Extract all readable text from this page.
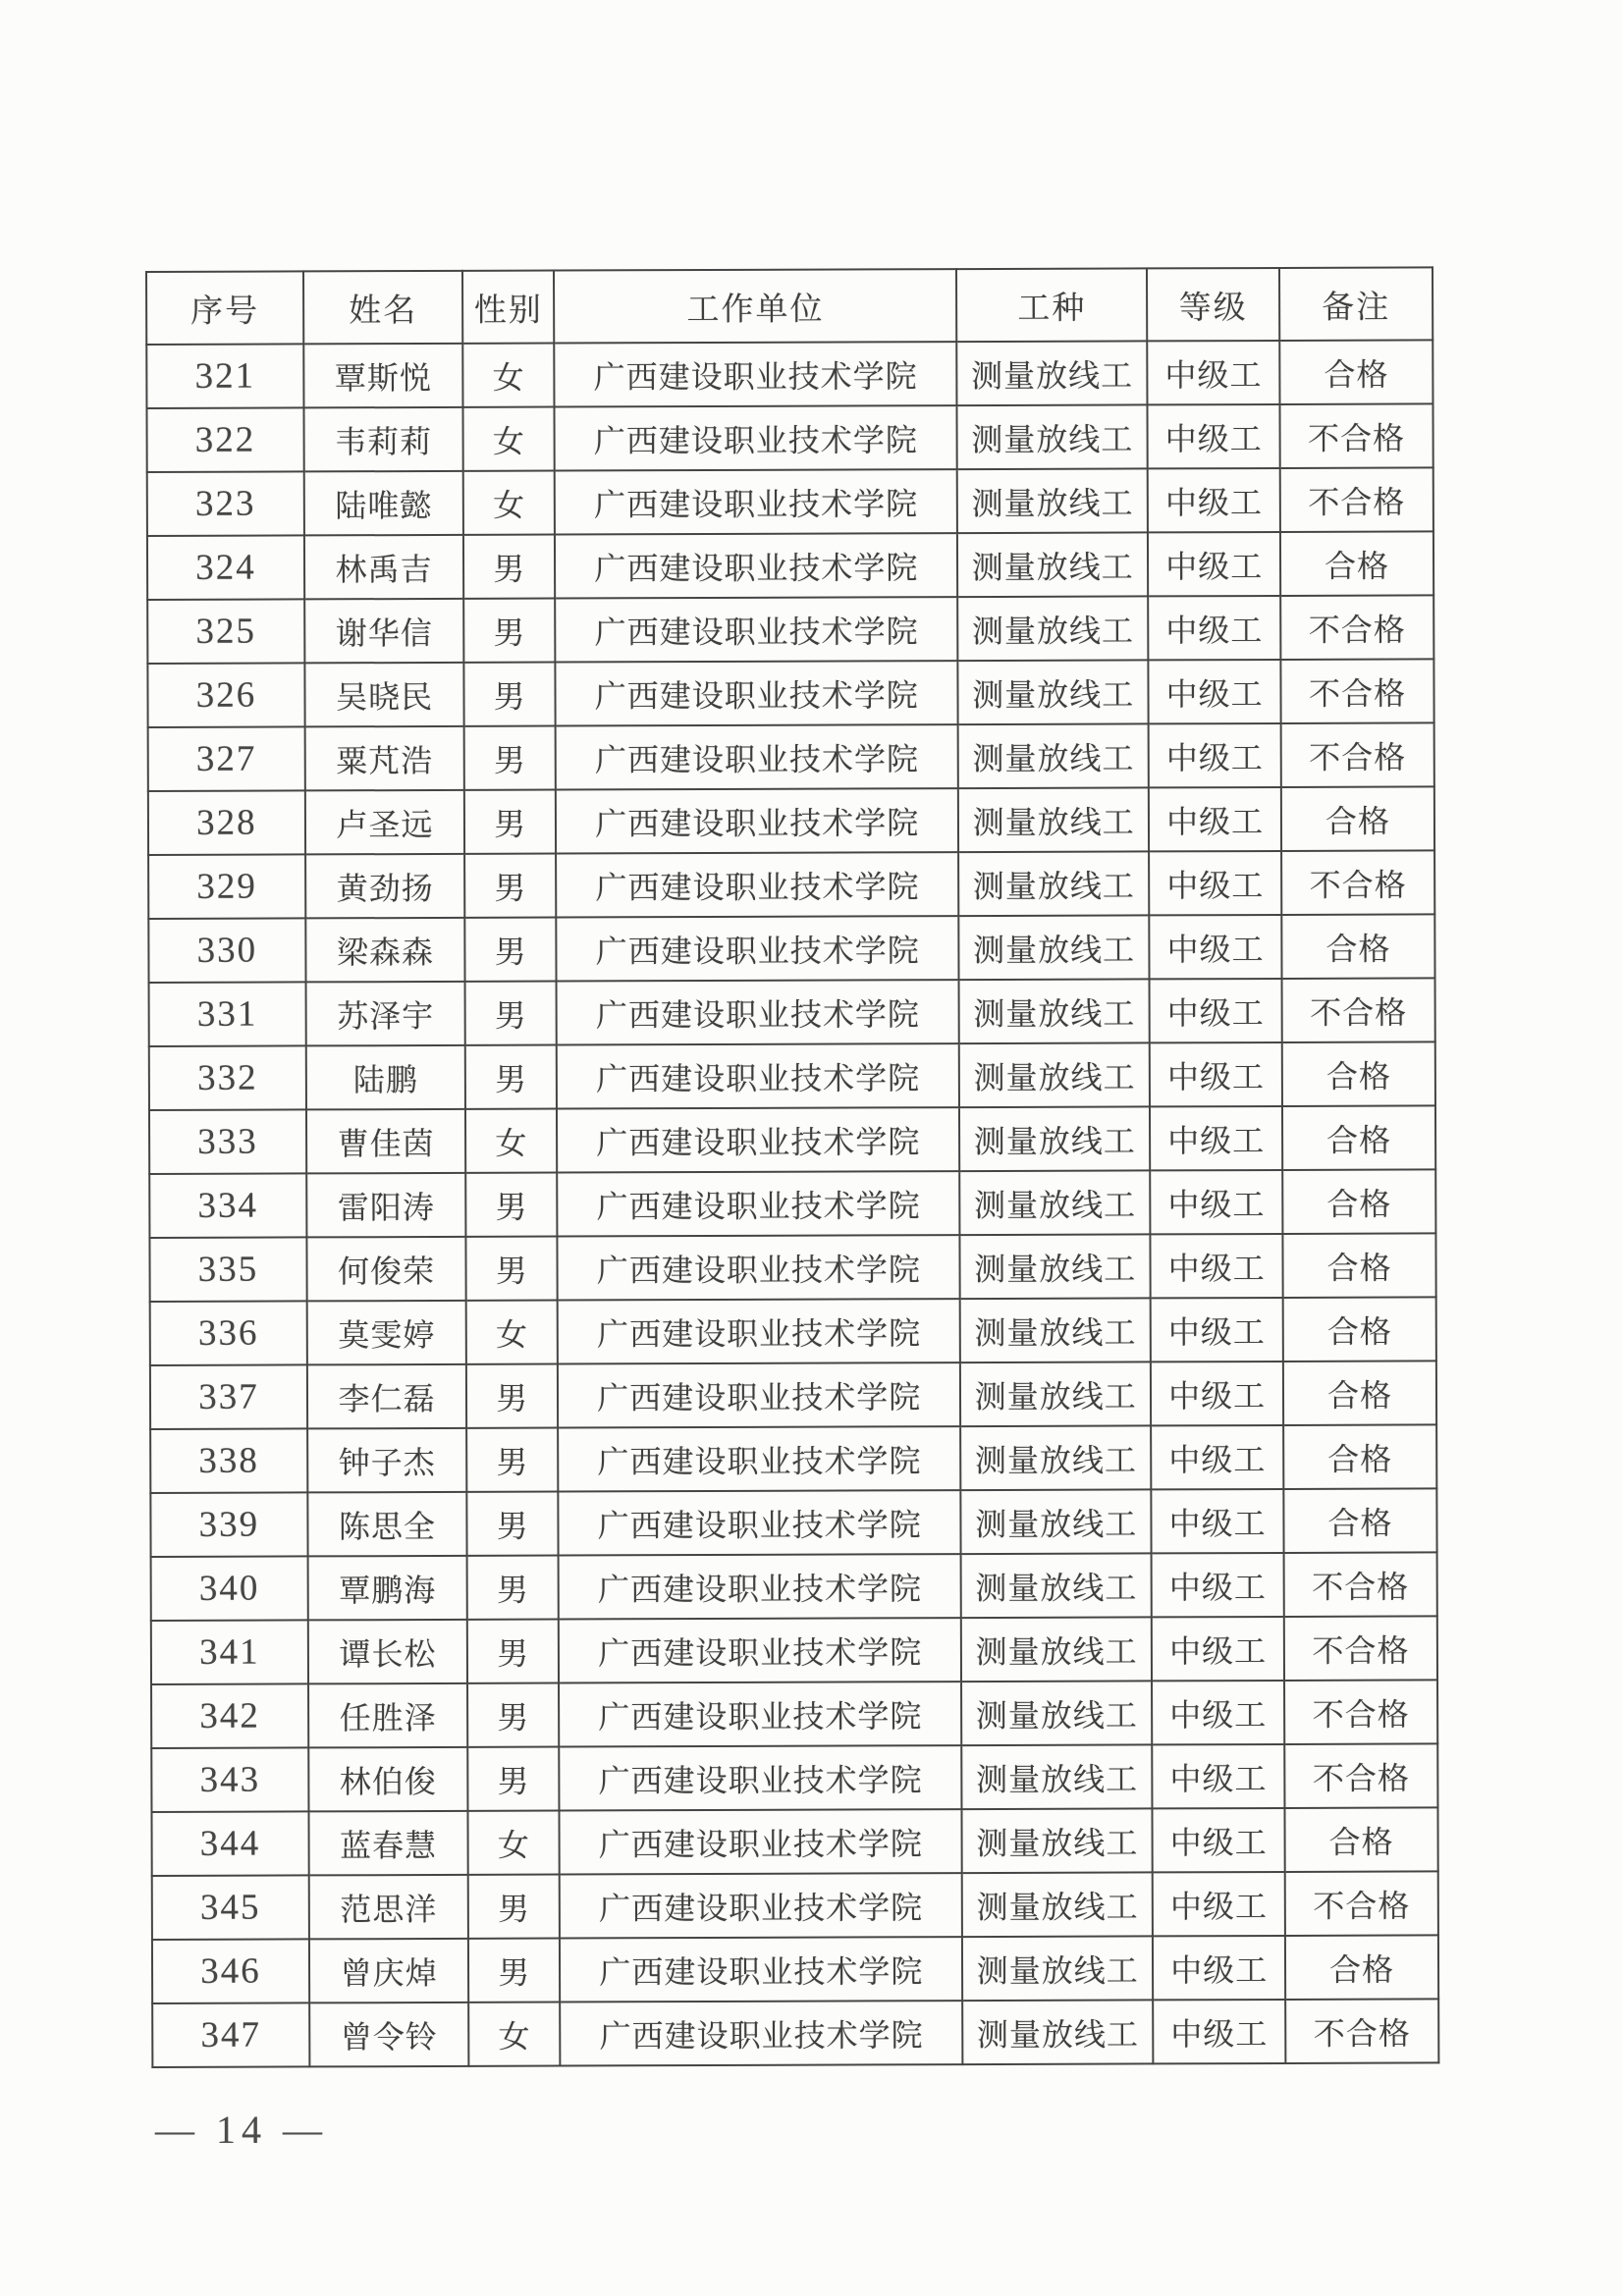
序号	姓名	性别	工作单位	工种	等级	备注
321	覃斯悦	女	广西建设职业技术学院	测量放线工	中级工	合格
322	韦莉莉	女	广西建设职业技术学院	测量放线工	中级工	不合格
323	陆唯懿	女	广西建设职业技术学院	测量放线工	中级工	不合格
324	林禹吉	男	广西建设职业技术学院	测量放线工	中级工	合格
325	谢华信	男	广西建设职业技术学院	测量放线工	中级工	不合格
326	吴晓民	男	广西建设职业技术学院	测量放线工	中级工	不合格
327	粟芃浩	男	广西建设职业技术学院	测量放线工	中级工	不合格
328	卢圣远	男	广西建设职业技术学院	测量放线工	中级工	合格
329	黄劲扬	男	广西建设职业技术学院	测量放线工	中级工	不合格
330	梁森森	男	广西建设职业技术学院	测量放线工	中级工	合格
331	苏泽宇	男	广西建设职业技术学院	测量放线工	中级工	不合格
332	陆鹏	男	广西建设职业技术学院	测量放线工	中级工	合格
333	曹佳茵	女	广西建设职业技术学院	测量放线工	中级工	合格
334	雷阳涛	男	广西建设职业技术学院	测量放线工	中级工	合格
335	何俊荣	男	广西建设职业技术学院	测量放线工	中级工	合格
336	莫雯婷	女	广西建设职业技术学院	测量放线工	中级工	合格
337	李仁磊	男	广西建设职业技术学院	测量放线工	中级工	合格
338	钟子杰	男	广西建设职业技术学院	测量放线工	中级工	合格
339	陈思全	男	广西建设职业技术学院	测量放线工	中级工	合格
340	覃鹏海	男	广西建设职业技术学院	测量放线工	中级工	不合格
341	谭长松	男	广西建设职业技术学院	测量放线工	中级工	不合格
342	任胜泽	男	广西建设职业技术学院	测量放线工	中级工	不合格
343	林伯俊	男	广西建设职业技术学院	测量放线工	中级工	不合格
344	蓝春慧	女	广西建设职业技术学院	测量放线工	中级工	合格
345	范思洋	男	广西建设职业技术学院	测量放线工	中级工	不合格
346	曾庆焯	男	广西建设职业技术学院	测量放线工	中级工	合格
347	曾令铃	女	广西建设职业技术学院	测量放线工	中级工	不合格
— 14 —
